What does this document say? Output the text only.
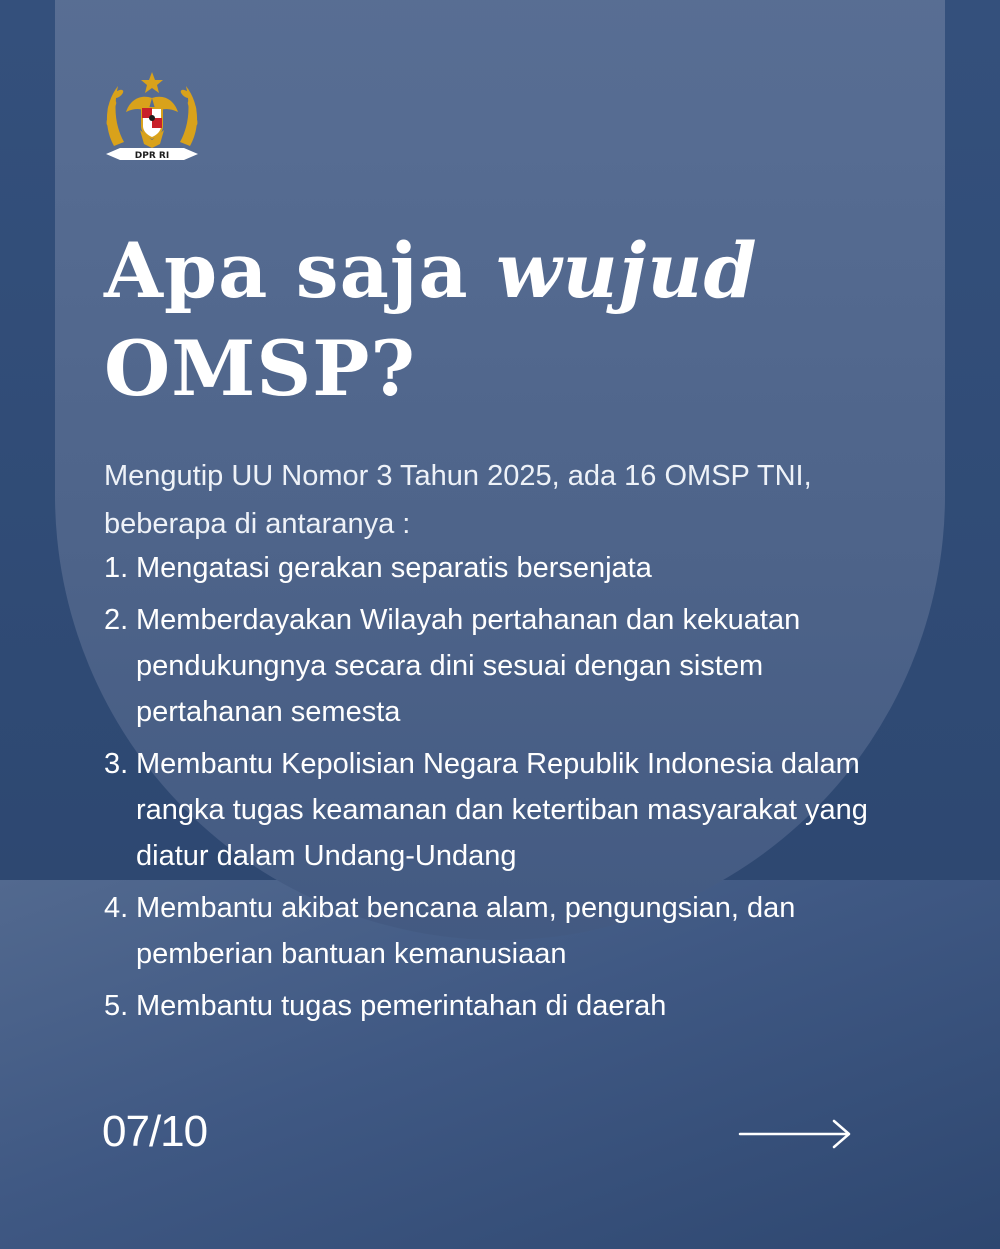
DPR RI
Apa saja wujud
OMSP?

Mengutip UU Nomor 3 Tahun 2025, ada 16 OMSP TNI,
beberapa di antaranya :

1. Mengatasi gerakan separatis bersenjata
2. Memberdayakan Wilayah pertahanan dan kekuatan pendukungnya secara dini sesuai dengan sistem pertahanan semesta
3. Membantu Kepolisian Negara Republik Indonesia dalam rangka tugas keamanan dan ketertiban masyarakat yang diatur dalam Undang-Undang
4. Membantu akibat bencana alam, pengungsian, dan pemberian bantuan kemanusiaan
5. Membantu tugas pemerintahan di daerah

07/10
